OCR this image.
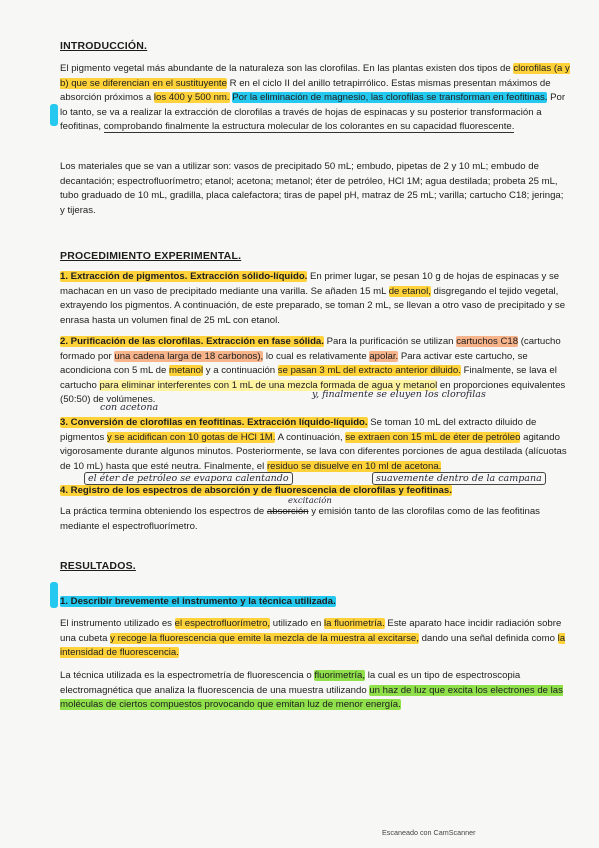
INTRODUCCIÓN.

El pigmento vegetal más abundante de la naturaleza son las clorofilas. En las plantas existen dos tipos de clorofilas (a y b) que se diferencian en el sustituyente R en el ciclo II del anillo tetrapirrólico. Estas mismas presentan máximos de absorción próximos a los 400 y 500 nm. Por la eliminación de magnesio, las clorofilas se transforman en feofitinas. Por lo tanto, se va a realizar la extracción de clorofilas a través de hojas de espinacas y su posterior transformación a feofitinas, comprobando finalmente la estructura molecular de los colorantes en su capacidad fluorescente.

Los materiales que se van a utilizar son: vasos de precipitado 50 mL; embudo, pipetas de 2 y 10 mL; embudo de decantación; espectrofluorímetro; etanol; acetona; metanol; éter de petróleo, HCl 1M; agua destilada; probeta 25 mL, tubo graduado de 10 mL, gradilla, placa calefactora; tiras de papel pH, matraz de 25 mL; varilla; cartucho C18; jeringa; y tijeras.

PROCEDIMIENTO EXPERIMENTAL.

1. Extracción de pigmentos. Extracción sólido-líquido. En primer lugar, se pesan 10 g de hojas de espinacas y se machacan en un vaso de precipitado mediante una varilla. Se añaden 15 mL de etanol, disgregando el tejido vegetal, extrayendo los pigmentos. A continuación, de este preparado, se toman 2 mL, se llevan a otro vaso de precipitado y se enrasa hasta un volumen final de 25 mL con etanol.

2. Purificación de las clorofilas. Extracción en fase sólida. Para la purificación se utilizan cartuchos C18 (cartucho formado por una cadena larga de 18 carbonos), lo cual es relativamente apolar. Para activar este cartucho, se acondiciona con 5 mL de metanol y a continuación se pasan 3 mL del extracto anterior diluido. Finalmente, se lava el cartucho para eliminar interferentes con 1 mL de una mezcla formada de agua y metanol en proporciones equivalentes (50:50) de volúmenes.	y, finalmente se eluyen los clorofilas
con acetona

3. Conversión de clorofilas en feofitinas. Extracción líquido-líquido. Se toman 10 mL del extracto diluido de pigmentos y se acidifican con 10 gotas de HCl 1M. A continuación, se extraen con 15 mL de éter de petróleo agitando vigorosamente durante algunos minutos. Posteriormente, se lava con diferentes porciones de agua destilada (alícuotas de 10 mL) hasta que esté neutra. Finalmente, el residuo se disuelve en 10 ml de acetona.

el éter de petróleo se evapora calentando	suavemente dentro de la campana

4. Registro de los espectros de absorción y de fluorescencia de clorofilas y feofitinas.

excitación

La práctica termina obteniendo los espectros de absorción y emisión tanto de las clorofilas como de las feofitinas mediante el espectrofluorímetro.

RESULTADOS.

1. Describir brevemente el instrumento y la técnica utilizada.

El instrumento utilizado es el espectrofluorímetro, utilizado en la fluorimetría. Este aparato hace incidir radiación sobre una cubeta y recoge la fluorescencia que emite la mezcla de la muestra al excitarse, dando una señal definida como la intensidad de fluorescencia.

La técnica utilizada es la espectrometría de fluorescencia o fluorimetría, la cual es un tipo de espectroscopia electromagnética que analiza la fluorescencia de una muestra utilizando un haz de luz que excita los electrones de las moléculas de ciertos compuestos provocando que emitan luz de menor energía.

Escaneado con CamScanner
